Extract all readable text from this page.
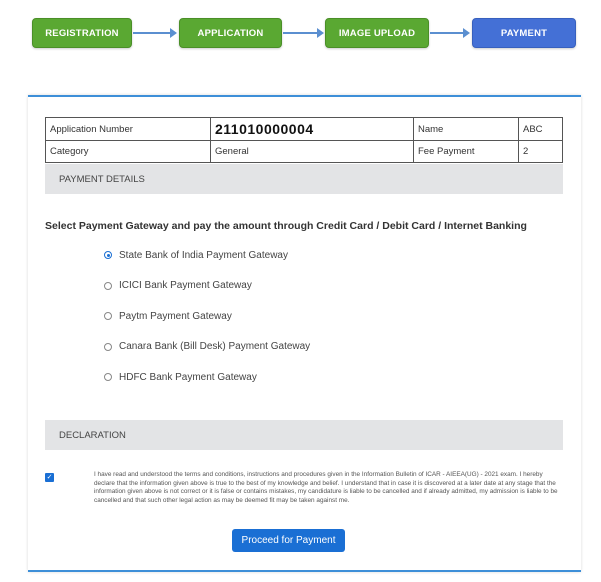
REGISTRATION	APPLICATION	IMAGE UPLOAD	PAYMENT
Application Number	211010000004	Name	ABC
Category	General	Fee Payment	2
PAYMENT DETAILS
Select Payment Gateway and pay the amount through Credit Card / Debit Card / Internet Banking
State Bank of India Payment Gateway
ICICI Bank Payment Gateway
Paytm Payment Gateway
Canara Bank (Bill Desk) Payment Gateway
HDFC Bank Payment Gateway
DECLARATION
✓	I have read and understood the terms and conditions, instructions and procedures given in the Information Bulletin of ICAR - AIEEA(UG) - 2021 exam. I hereby declare that the information given above is true to the best of my knowledge and belief. I understand that in case it is discovered at a later date at any stage that the information given above is not correct or it is false or contains mistakes, my candidature is liable to be cancelled and if already admitted, my admission is liable to be cancelled and that such other legal action as may be deemed fit may be taken against me.
Proceed for Payment
